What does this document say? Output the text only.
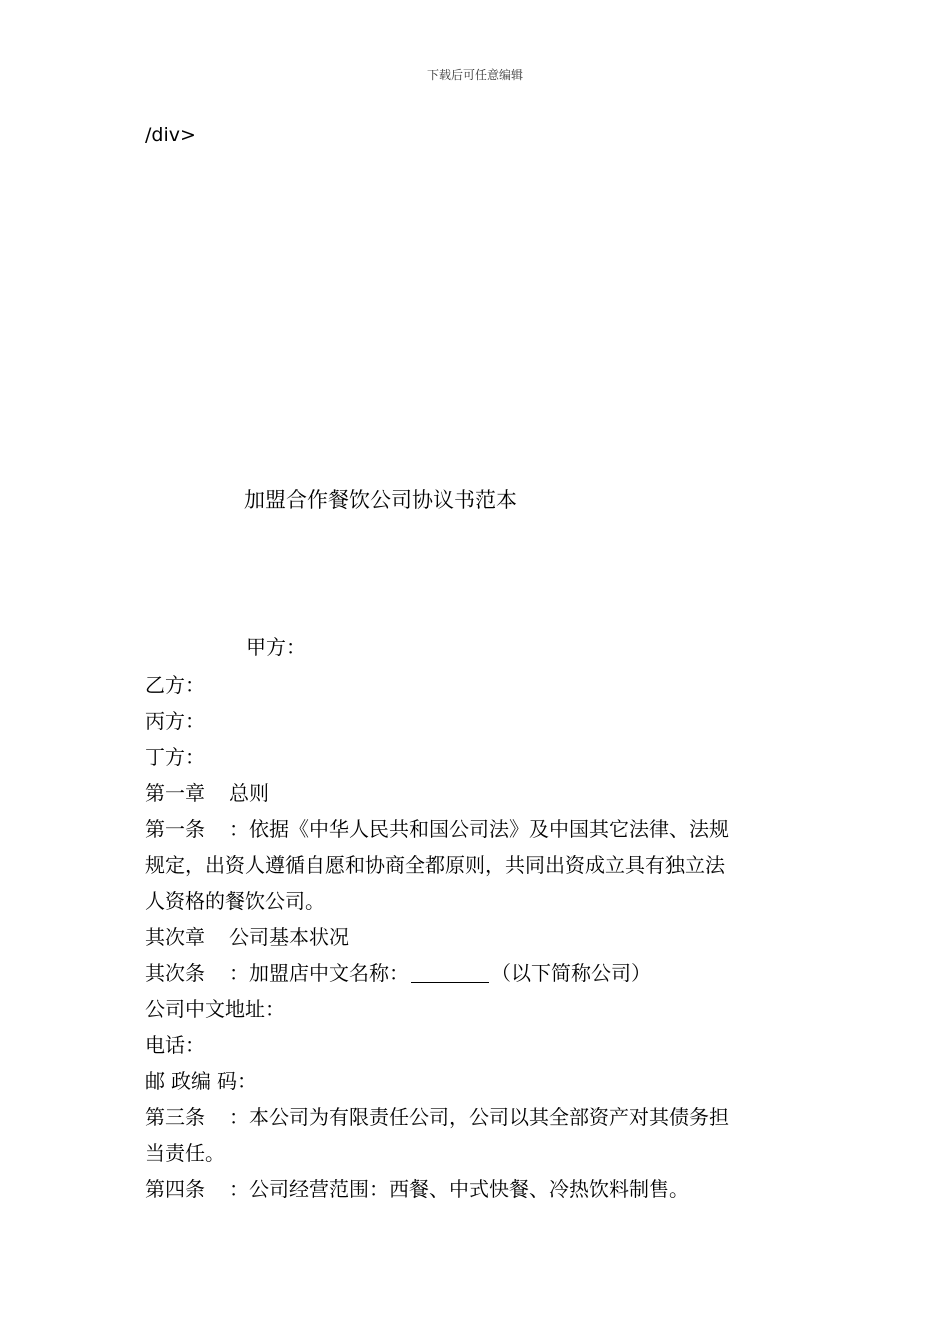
下载后可任意编辑
/div>
加盟合作餐饮公司协议书范本
甲方：
乙方：
丙方：
丁方：
第一章 总则
第一条 ：依据《中华人民共和国公司法》及中国其它法律、法规
规定，出资人遵循自愿和协商全都原则，共同出资成立具有独立法
人资格的餐饮公司。
其次章 公司基本状况
其次条 ：加盟店中文名称：	（以下简称公司）
公司中文地址：
电话：
邮 政编 码：
第三条 ：本公司为有限责任公司，公司以其全部资产对其债务担
当责任。
第四条 ：公司经营范围：西餐、中式快餐、冷热饮料制售。
